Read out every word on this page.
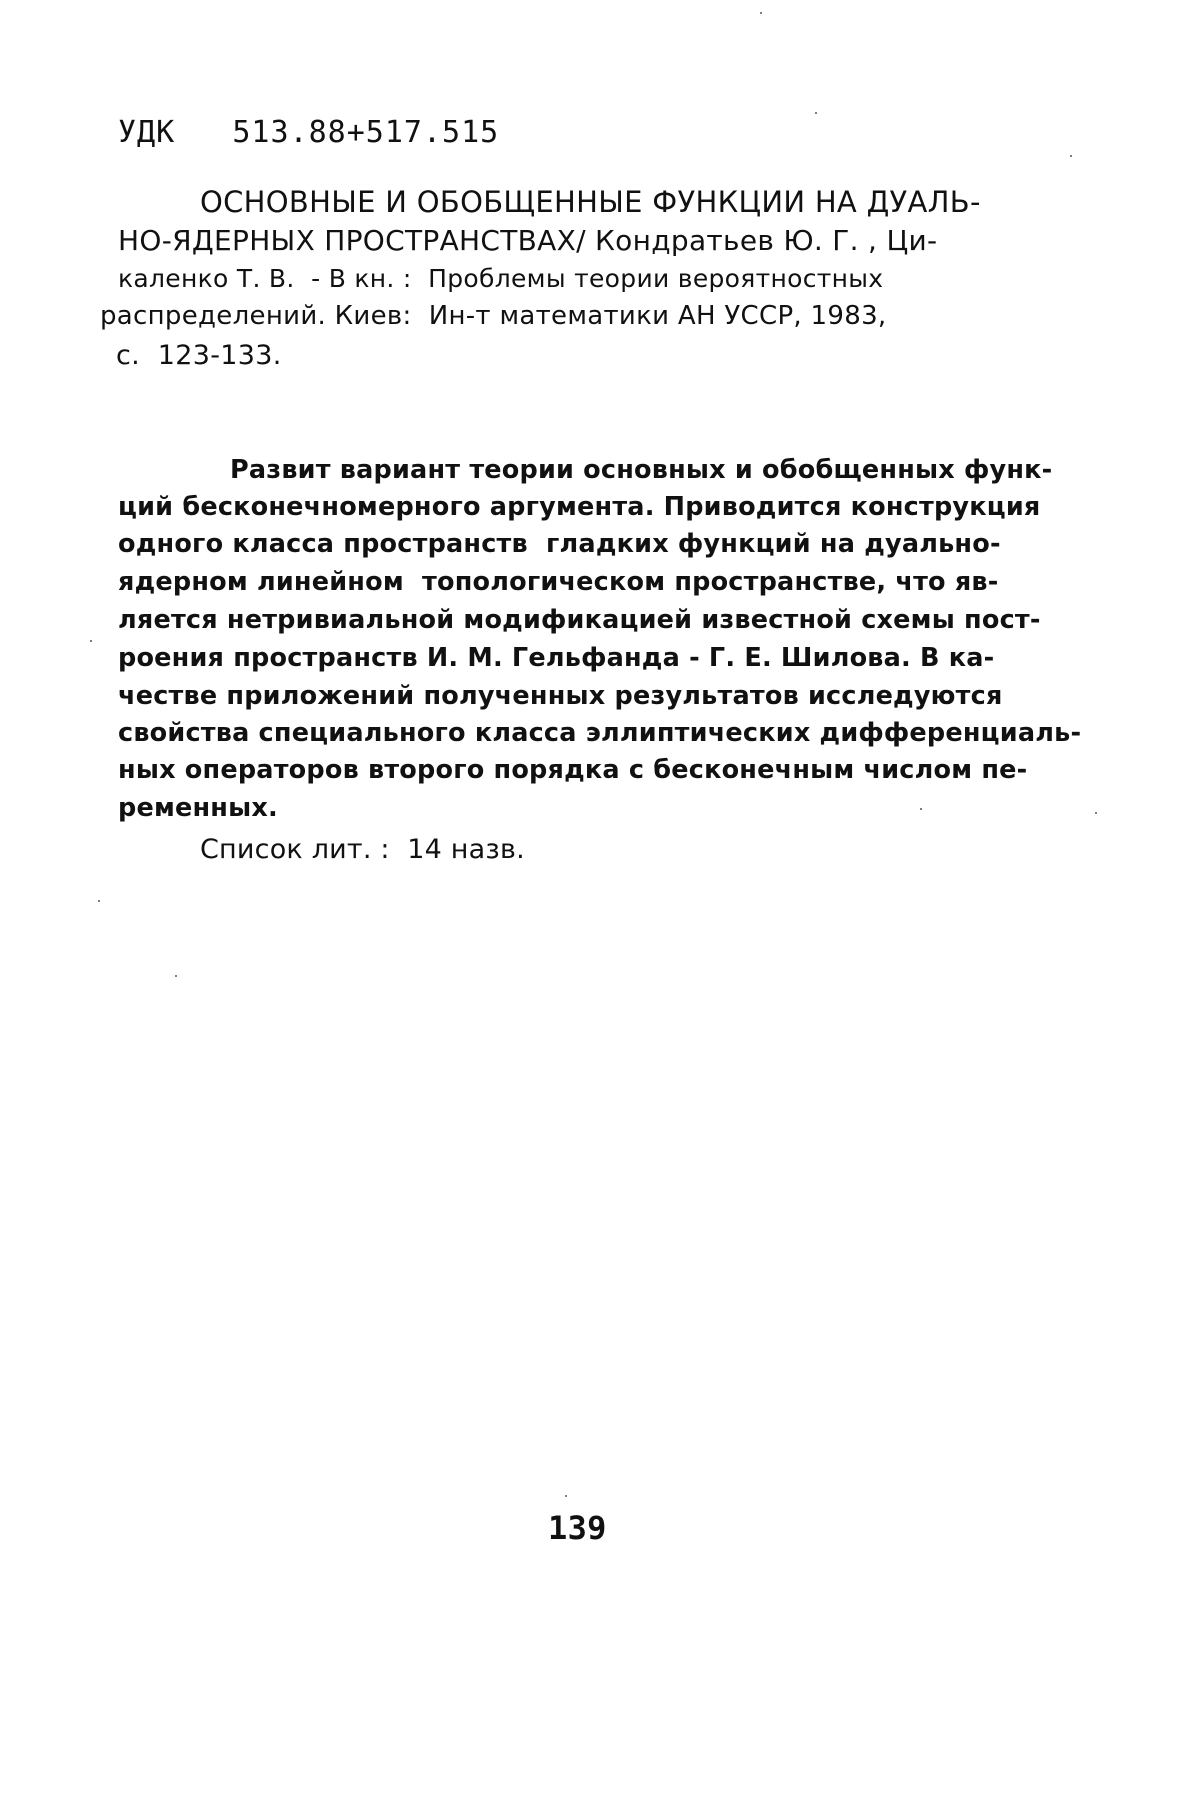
УДК   513.88+517.515
ОСНОВНЫЕ И ОБОБЩЕННЫЕ ФУНКЦИИ НА ДУАЛЬ-
НО-ЯДЕРНЫХ ПРОСТРАНСТВАХ/ Кондратьев Ю. Г. , Ци-
каленко Т. В.  - В кн. :  Проблемы теории вероятностных
распределений. Киев:  Ин-т математики АН УССР, 1983,
с.  123-133.
Развит вариант теории основных и обобщенных функ-
ций бесконечномерного аргумента. Приводится конструкция
одного класса пространств  гладких функций на дуально-
ядерном линейном  топологическом пространстве, что яв-
ляется нетривиальной модификацией известной схемы пост-
роения пространств И. М. Гельфанда - Г. Е. Шилова. В ка-
честве приложений полученных результатов исследуются
свойства специального класса эллиптических дифференциаль-
ных операторов второго порядка с бесконечным числом пе-
ременных.
Список лит. :  14 назв.
139
